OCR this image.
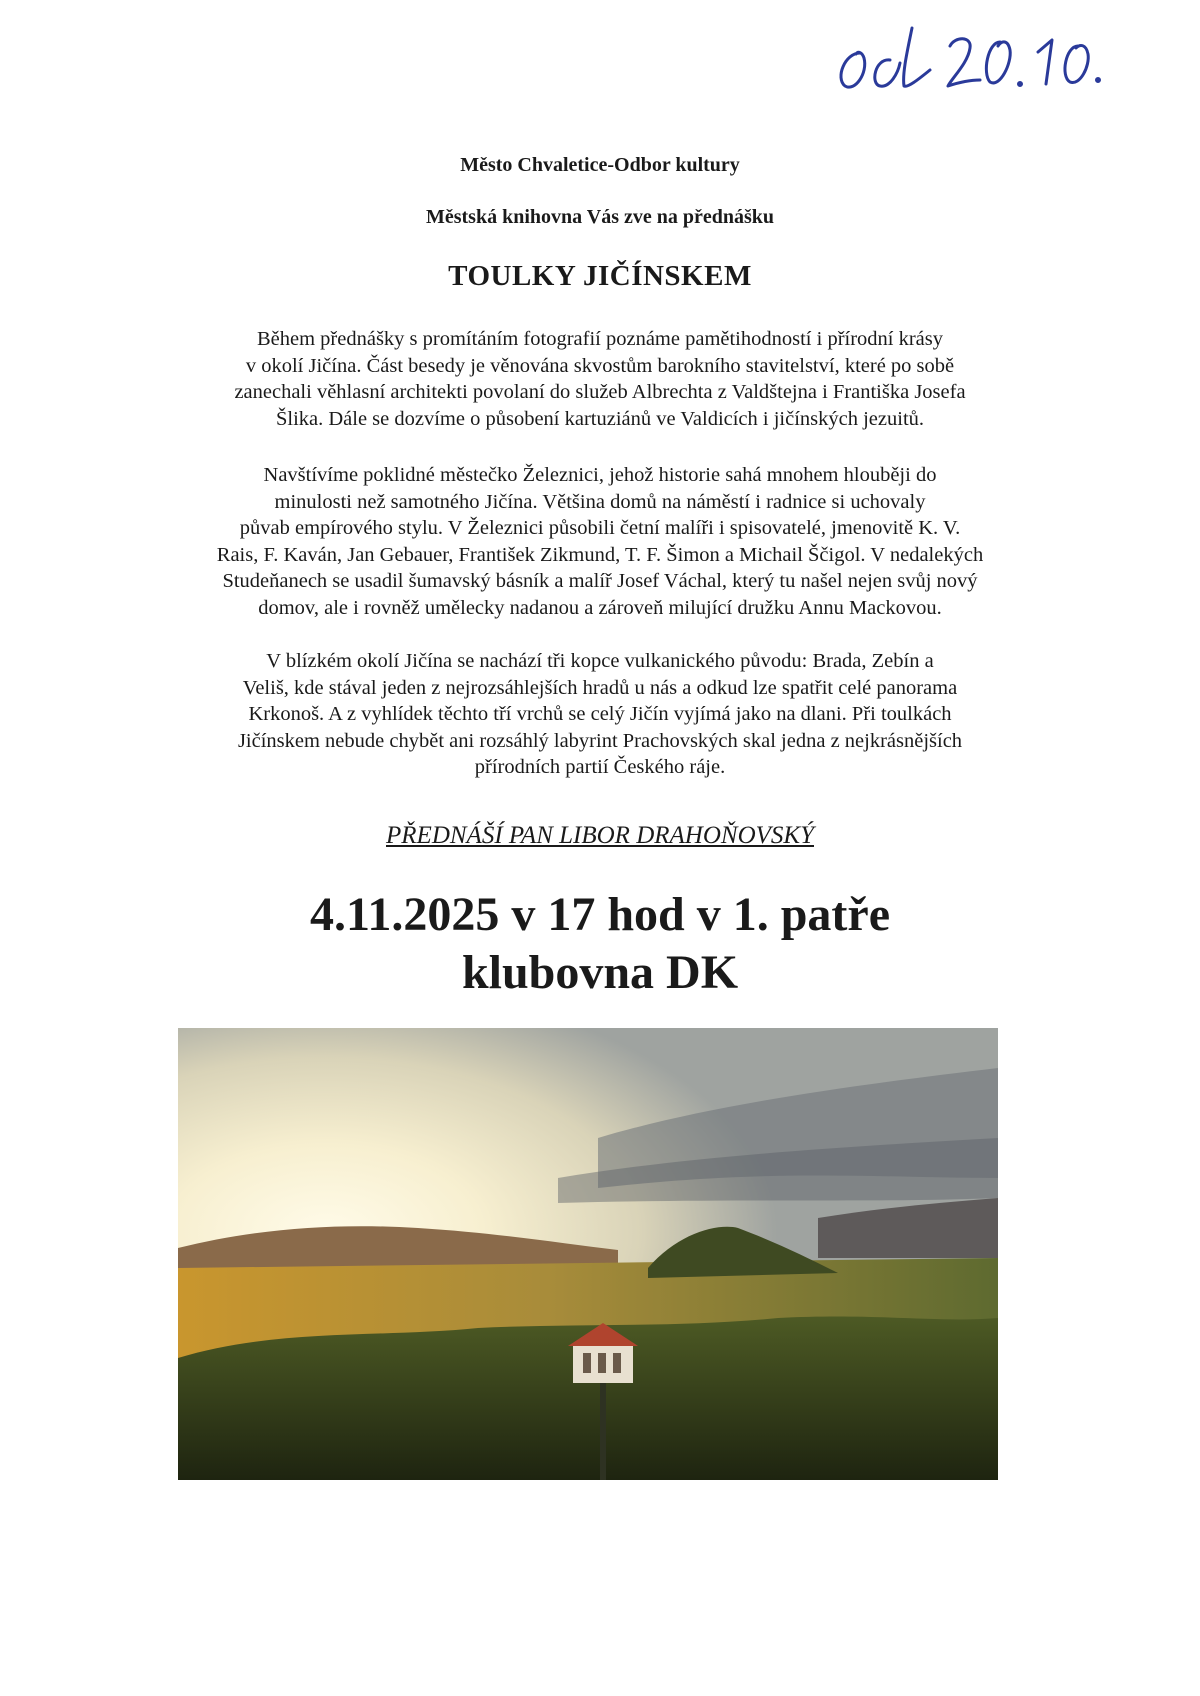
Město Chvaletice-Odbor kultury
Městská knihovna Vás zve na přednášku
TOULKY JIČÍNSKEM
Během přednášky s promítáním fotografií poznáme pamětihodností i přírodní krásy
v okolí Jičína. Část besedy je věnována skvostům barokního stavitelství, které po sobě
zanechali věhlasní architekti povolaní do služeb Albrechta z Valdštejna i Františka Josefa
Šlika. Dále se dozvíme o působení kartuziánů ve Valdicích i jičínských jezuitů.
Navštívíme poklidné městečko Železnici, jehož historie sahá mnohem hlouběji do
minulosti než samotného Jičína. Většina domů na náměstí i radnice si uchovaly
půvab empírového stylu. V Železnici působili četní malíři i spisovatelé, jmenovitě K. V.
Rais, F. Kaván, Jan Gebauer, František Zikmund, T. F. Šimon a Michail Ščigol. V nedalekých
Studeňanech se usadil šumavský básník a malíř Josef Váchal, který tu našel nejen svůj nový
domov, ale i rovněž umělecky nadanou a zároveň milující družku Annu Mackovou.
V blízkém okolí Jičína se nachází tři kopce vulkanického původu: Brada, Zebín a
Veliš, kde stával jeden z nejrozsáhlejších hradů u nás a odkud lze spatřit celé panorama
Krkonoš. A z vyhlídek těchto tří vrchů se celý Jičín vyjímá jako na dlani. Při toulkách
Jičínskem nebude chybět ani rozsáhlý labyrint Prachovských skal jedna z nejkrásnějších
přírodních partií Českého ráje.
PŘEDNÁŠÍ PAN LIBOR DRAHOŇOVSKÝ
4.11.2025 v 17 hod v 1. patře
klubovna DK
